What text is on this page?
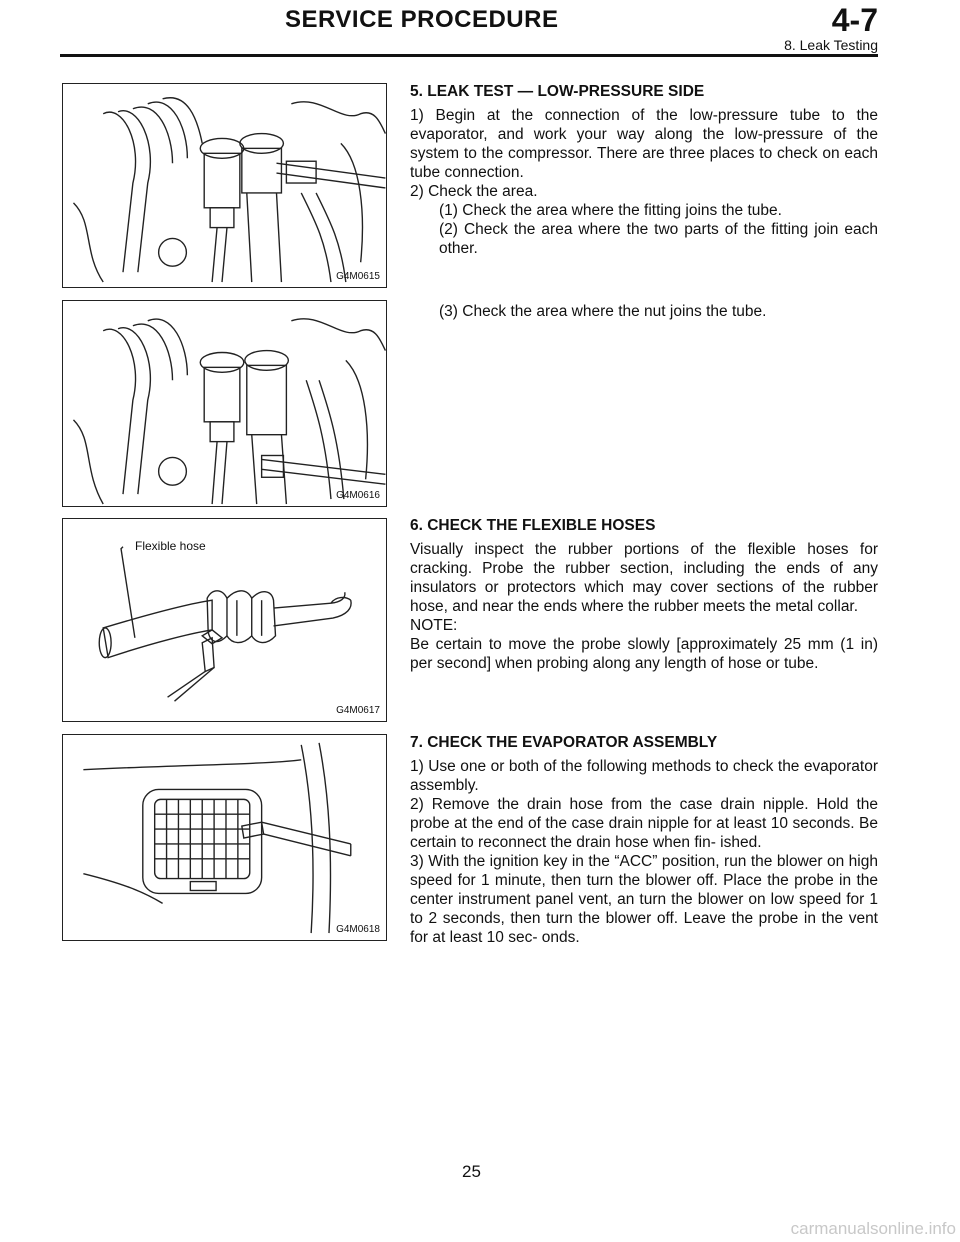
SERVICE PROCEDURE	4-7
8. Leak Testing
G4M0615
G4M0616
Flexible hose
G4M0617
G4M0618

5. LEAK TEST — LOW-PRESSURE SIDE

1) Begin at the connection of the low-pressure tube to the evaporator, and work your way along the low-pressure of the system to the compressor. There are three places to check on each tube connection.

2) Check the area.

(1) Check the area where the fitting joins the tube.

(2) Check the area where the two parts of the fitting join each other.

(3) Check the area where the nut joins the tube.

6. CHECK THE FLEXIBLE HOSES

Visually inspect the rubber portions of the flexible hoses for cracking. Probe the rubber section, including the ends of any insulators or protectors which may cover sections of the rubber hose, and near the ends where the rubber meets the metal collar.

NOTE:

Be certain to move the probe slowly [approximately 25 mm (1 in) per second] when probing along any length of hose or tube.

7. CHECK THE EVAPORATOR ASSEMBLY

1) Use one or both of the following methods to check the evaporator assembly.

2) Remove the drain hose from the case drain nipple. Hold the probe at the end of the case drain nipple for at least 10 seconds. Be certain to reconnect the drain hose when fin- ished.

3) With the ignition key in the “ACC” position, run the blower on high speed for 1 minute, then turn the blower off. Place the probe in the center instrument panel vent, an turn the blower on low speed for 1 to 2 seconds, then turn the blower off. Leave the probe in the vent for at least 10 sec- onds.

25
carmanualsonline.info
